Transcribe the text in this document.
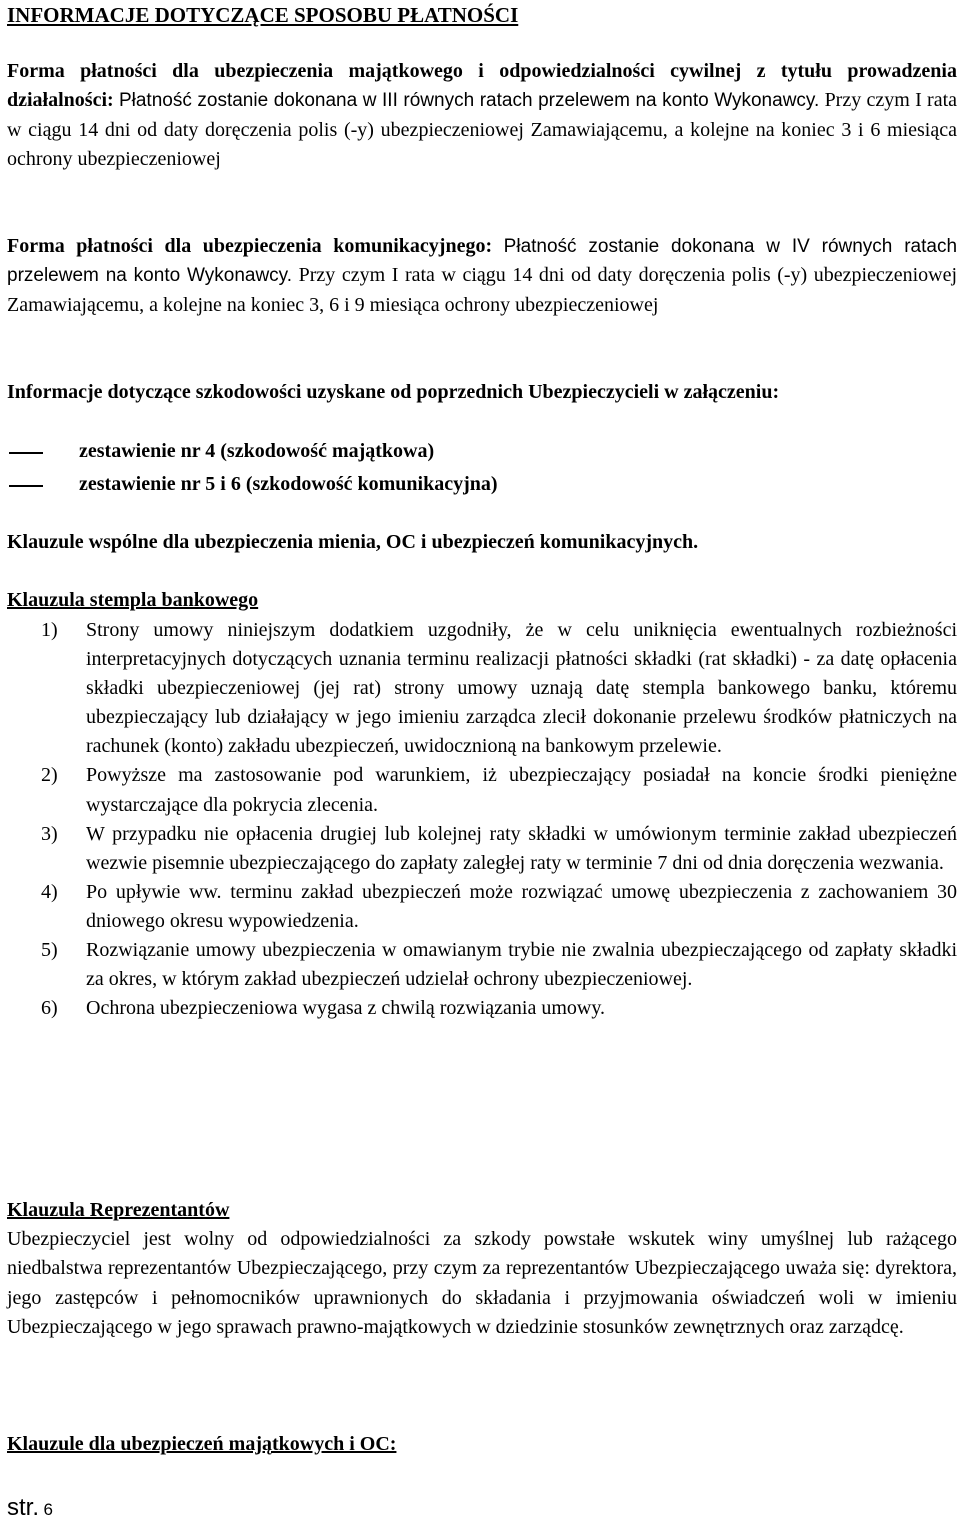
INFORMACJE DOTYCZĄCE SPOSOBU PŁATNOŚCI
Forma płatności dla ubezpieczenia majątkowego i odpowiedzialności cywilnej z tytułu prowadzenia działalności: Płatność zostanie dokonana w III równych ratach przelewem na konto Wykonawcy. Przy czym I rata w ciągu 14 dni od daty doręczenia polis (-y) ubezpieczeniowej Zamawiającemu, a kolejne na koniec 3 i 6 miesiąca ochrony ubezpieczeniowej
Forma płatności dla ubezpieczenia komunikacyjnego: Płatność zostanie dokonana w IV równych ratach przelewem na konto Wykonawcy. Przy czym I rata w ciągu 14 dni od daty doręczenia polis (-y) ubezpieczeniowej Zamawiającemu, a kolejne na koniec 3, 6 i 9 miesiąca ochrony ubezpieczeniowej
Informacje dotyczące szkodowości uzyskane od poprzednich Ubezpieczycieli w załączeniu:
zestawienie nr 4 (szkodowość majątkowa)
zestawienie nr 5 i 6 (szkodowość komunikacyjna)
Klauzule wspólne dla ubezpieczenia mienia, OC i ubezpieczeń komunikacyjnych.
Klauzula stempla bankowego
1) Strony umowy niniejszym dodatkiem uzgodniły, że w celu uniknięcia ewentualnych rozbieżności interpretacyjnych dotyczących uznania terminu realizacji płatności składki (rat składki) - za datę opłacenia składki ubezpieczeniowej (jej rat) strony umowy uznają datę stempla bankowego banku, któremu ubezpieczający lub działający w jego imieniu zarządca zlecił dokonanie przelewu środków płatniczych na rachunek (konto) zakładu ubezpieczeń, uwidocznioną na bankowym przelewie.
2) Powyższe ma zastosowanie pod warunkiem, iż ubezpieczający posiadał na koncie środki pieniężne wystarczające dla pokrycia zlecenia.
3) W przypadku nie opłacenia drugiej lub kolejnej raty składki w umówionym terminie zakład ubezpieczeń wezwie pisemnie ubezpieczającego do zapłaty zaległej raty w terminie 7 dni od dnia doręczenia wezwania.
4) Po upływie ww. terminu zakład ubezpieczeń może rozwiązać umowę ubezpieczenia z zachowaniem 30 dniowego okresu wypowiedzenia.
5) Rozwiązanie umowy ubezpieczenia w omawianym trybie nie zwalnia ubezpieczającego od zapłaty składki za okres, w którym zakład ubezpieczeń udzielał ochrony ubezpieczeniowej.
6) Ochrona ubezpieczeniowa wygasa z chwilą rozwiązania umowy.
Klauzula Reprezentantów
Ubezpieczyciel jest wolny od odpowiedzialności za szkody powstałe wskutek winy umyślnej lub rażącego niedbalstwa reprezentantów Ubezpieczającego, przy czym za reprezentantów Ubezpieczającego uważa się: dyrektora, jego zastępców i pełnomocników uprawnionych do składania i przyjmowania oświadczeń woli w imieniu Ubezpieczającego w jego sprawach prawno-majątkowych w dziedzinie stosunków zewnętrznych oraz zarządcę.
Klauzule dla ubezpieczeń majątkowych i OC:
str. 6
